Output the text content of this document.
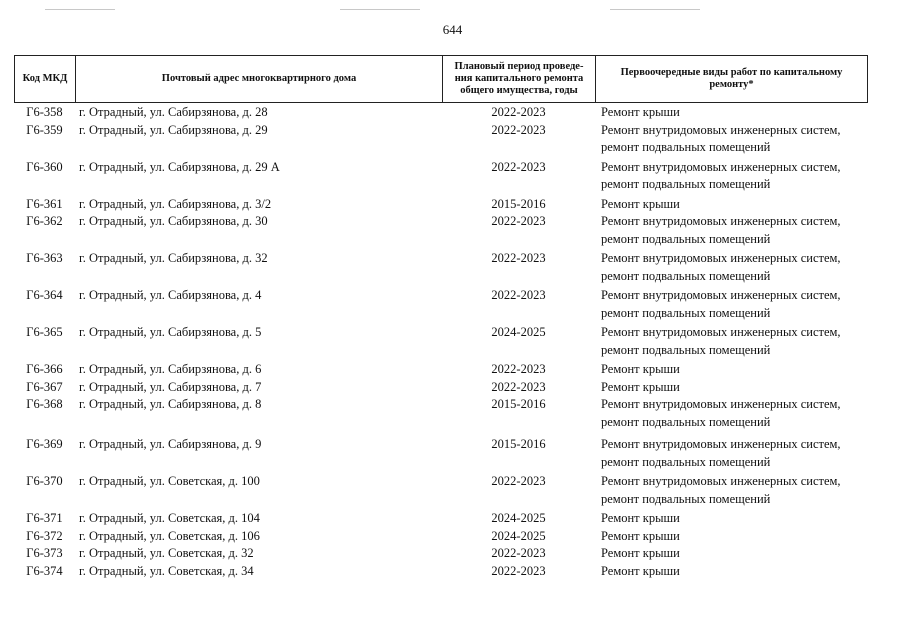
644
Код МКД	Почтовый адрес многоквартирного дома	Плановый период проведе-ния капитального ремонта общего имущества, годы	Первоочередные виды работ по капитальному ремонту*
Г6-358	г. Отрадный, ул. Сабирзянова, д. 28	2022-2023	Ремонт крыши

Г6-359	г. Отрадный, ул. Сабирзянова, д. 29	2022-2023	Ремонт внутридомовых инженерных систем,
ремонт подвальных помещений

Г6-360	г. Отрадный, ул. Сабирзянова, д. 29 А	2022-2023	Ремонт внутридомовых инженерных систем,
ремонт подвальных помещений

Г6-361	г. Отрадный, ул. Сабирзянова, д. 3/2	2015-2016	Ремонт крыши

Г6-362	г. Отрадный, ул. Сабирзянова, д. 30	2022-2023	Ремонт внутридомовых инженерных систем,
ремонт подвальных помещений

Г6-363	г. Отрадный, ул. Сабирзянова, д. 32	2022-2023	Ремонт внутридомовых инженерных систем,
ремонт подвальных помещений

Г6-364	г. Отрадный, ул. Сабирзянова, д. 4	2022-2023	Ремонт внутридомовых инженерных систем,
ремонт подвальных помещений

Г6-365	г. Отрадный, ул. Сабирзянова, д. 5	2024-2025	Ремонт внутридомовых инженерных систем,
ремонт подвальных помещений

Г6-366	г. Отрадный, ул. Сабирзянова, д. 6	2022-2023	Ремонт крыши

Г6-367	г. Отрадный, ул. Сабирзянова, д. 7	2022-2023	Ремонт крыши

Г6-368	г. Отрадный, ул. Сабирзянова, д. 8	2015-2016	Ремонт внутридомовых инженерных систем,
ремонт подвальных помещений

Г6-369	г. Отрадный, ул. Сабирзянова, д. 9	2015-2016	Ремонт внутридомовых инженерных систем,
ремонт подвальных помещений

Г6-370	г. Отрадный, ул. Советская, д. 100	2022-2023	Ремонт внутридомовых инженерных систем,
ремонт подвальных помещений

Г6-371	г. Отрадный, ул. Советская, д. 104	2024-2025	Ремонт крыши

Г6-372	г. Отрадный, ул. Советская, д. 106	2024-2025	Ремонт крыши

Г6-373	г. Отрадный, ул. Советская, д. 32	2022-2023	Ремонт крыши

Г6-374	г. Отрадный, ул. Советская, д. 34	2022-2023	Ремонт крыши
